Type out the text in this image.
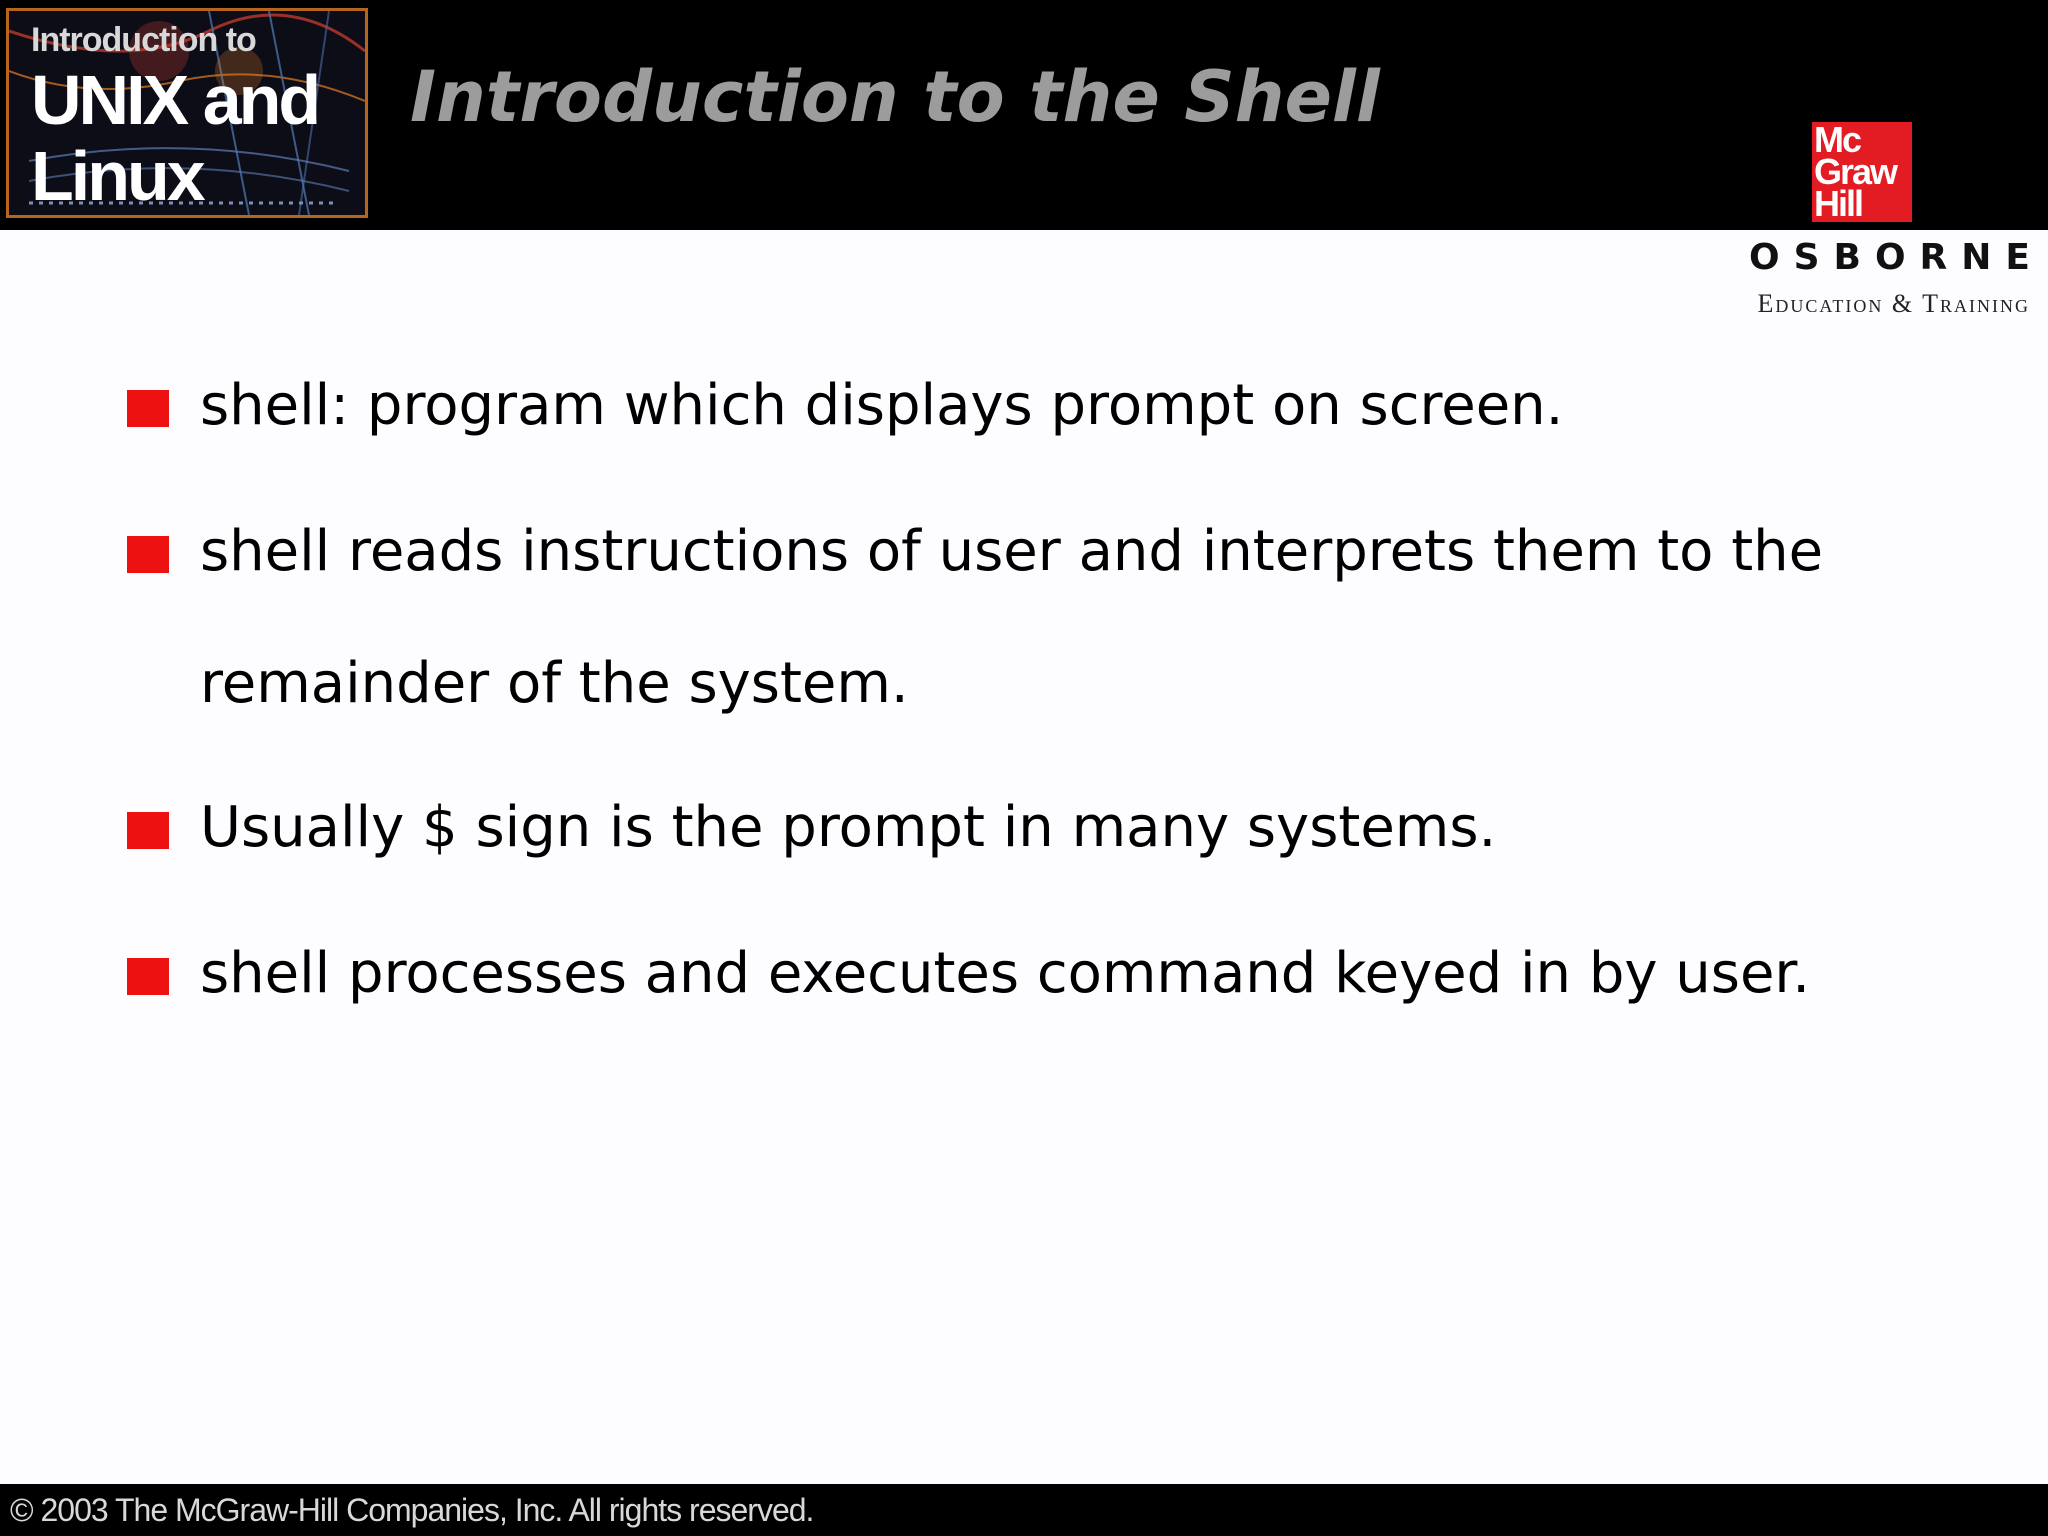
Introduction to
UNIX and
Linux
Introduction to the Shell
Mc
Graw
Hill
OSBORNE
Education & Training
shell: program which displays prompt on screen.
shell reads instructions of user and interprets them to the remainder of the system.
Usually $ sign is the prompt in many systems.
shell processes and executes command keyed in by user.
© 2003 The McGraw-Hill Companies, Inc. All rights reserved.
